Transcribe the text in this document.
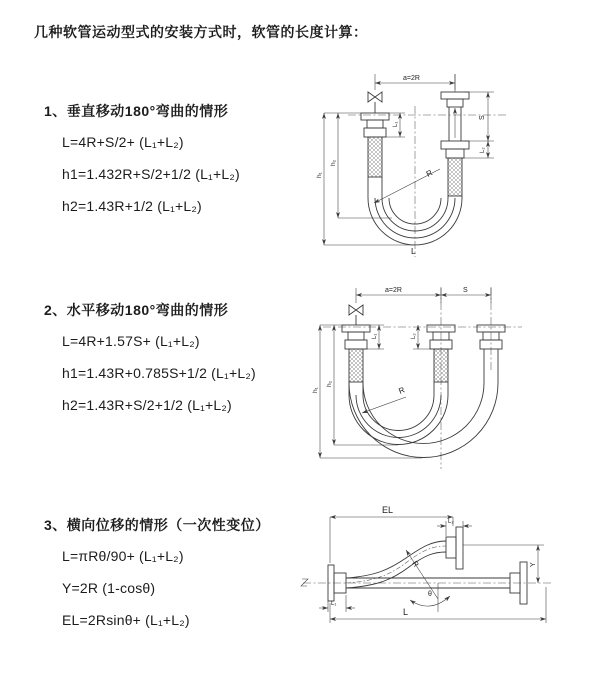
几种软管运动型式的安装方式时，软管的长度计算：
1、垂直移动180°弯曲的情形
L=4R+S/2+ (L₁+L₂)
h1=1.432R+S/2+1/2 (L₁+L₂)
h2=1.43R+1/2 (L₁+L₂)
2、水平移动180°弯曲的情形
L=4R+1.57S+ (L₁+L₂)
h1=1.43R+0.785S+1/2 (L₁+L₂)
h2=1.43R+S/2+1/2 (L₁+L₂)
3、横向位移的情形（一次性变位）
L=πRθ/90+ (L₁+L₂)
Y=2R (1-cosθ)
EL=2Rsinθ+ (L₁+L₂)
a=2R
S
L₂
h₁
h₂
L₁
R
L
a=2R	S
h₁
h₂
L₁	L₂
R
EL
L₂
Y
R
θ
L₁
L
